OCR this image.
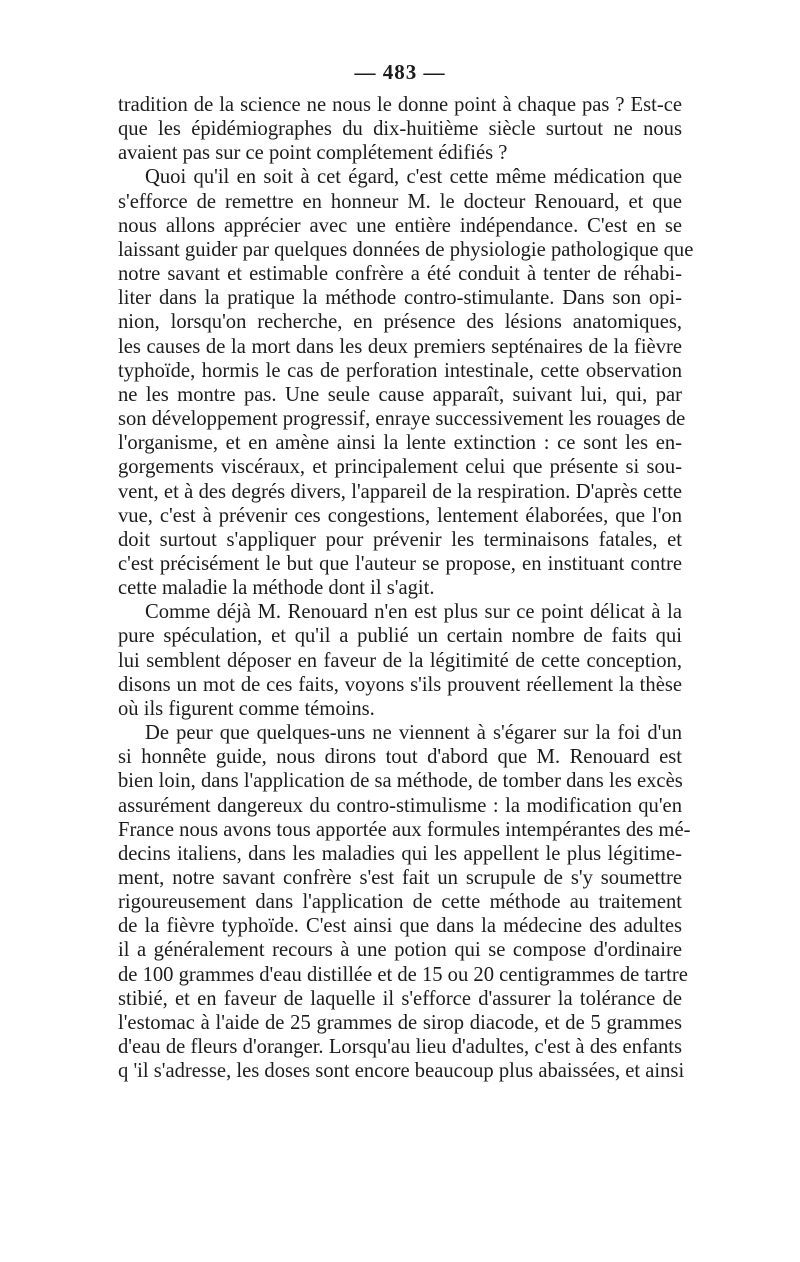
— 483 —

tradition de la science ne nous le donne point à chaque pas ? Est-ce
que les épidémiographes du dix-huitième siècle surtout ne nous
avaient pas sur ce point complétement édifiés ?

Quoi qu'il en soit à cet égard, c'est cette même médication que
s'efforce de remettre en honneur M. le docteur Renouard, et que
nous allons apprécier avec une entière indépendance. C'est en se
laissant guider par quelques données de physiologie pathologique que
notre savant et estimable confrère a été conduit à tenter de réhabi-
liter dans la pratique la méthode contro-stimulante. Dans son opi-
nion, lorsqu'on recherche, en présence des lésions anatomiques,
les causes de la mort dans les deux premiers septénaires de la fièvre
typhoïde, hormis le cas de perforation intestinale, cette observation
ne les montre pas. Une seule cause apparaît, suivant lui, qui, par
son développement progressif, enraye successivement les rouages de
l'organisme, et en amène ainsi la lente extinction : ce sont les en-
gorgements viscéraux, et principalement celui que présente si sou-
vent, et à des degrés divers, l'appareil de la respiration. D'après cette
vue, c'est à prévenir ces congestions, lentement élaborées, que l'on
doit surtout s'appliquer pour prévenir les terminaisons fatales, et
c'est précisément le but que l'auteur se propose, en instituant contre
cette maladie la méthode dont il s'agit.

Comme déjà M. Renouard n'en est plus sur ce point délicat à la
pure spéculation, et qu'il a publié un certain nombre de faits qui
lui semblent déposer en faveur de la légitimité de cette conception,
disons un mot de ces faits, voyons s'ils prouvent réellement la thèse
où ils figurent comme témoins.

De peur que quelques-uns ne viennent à s'égarer sur la foi d'un
si honnête guide, nous dirons tout d'abord que M. Renouard est
bien loin, dans l'application de sa méthode, de tomber dans les excès
assurément dangereux du contro-stimulisme : la modification qu'en
France nous avons tous apportée aux formules intempérantes des mé-
decins italiens, dans les maladies qui les appellent le plus légitime-
ment, notre savant confrère s'est fait un scrupule de s'y soumettre
rigoureusement dans l'application de cette méthode au traitement
de la fièvre typhoïde. C'est ainsi que dans la médecine des adultes
il a généralement recours à une potion qui se compose d'ordinaire
de 100 grammes d'eau distillée et de 15 ou 20 centigrammes de tartre
stibié, et en faveur de laquelle il s'efforce d'assurer la tolérance de
l'estomac à l'aide de 25 grammes de sirop diacode, et de 5 grammes
d'eau de fleurs d'oranger. Lorsqu'au lieu d'adultes, c'est à des enfants
q 'il s'adresse, les doses sont encore beaucoup plus abaissées, et ainsi
